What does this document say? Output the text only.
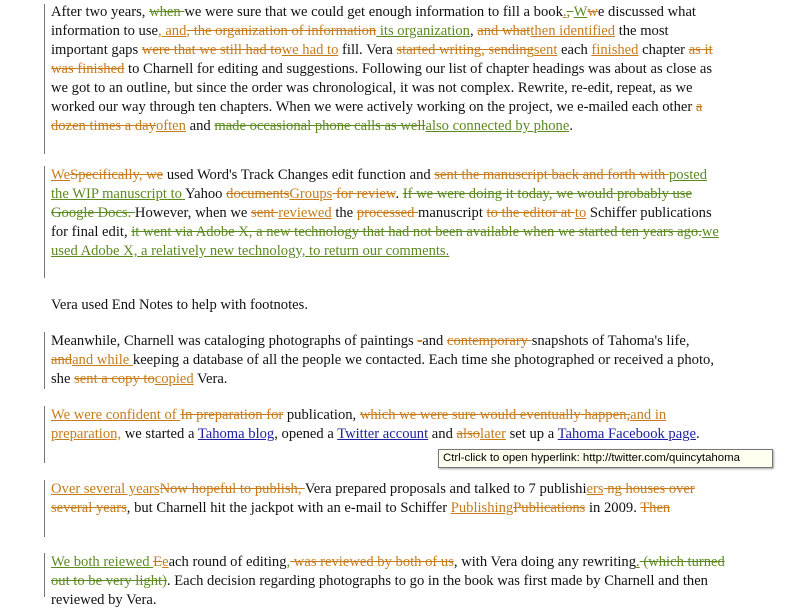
After two years, when we were sure that we could get enough information to fill a book., Wwe discussed what information to use, and, the organization of information its organization, and whatthen identified the most important gaps were that we still had towe had to fill. Vera started writing, sendingsent each finished chapter as it was finished to Charnell for editing and suggestions. Following our list of chapter headings was about as close as we got to an outline, but since the order was chronological, it was not complex. Rewrite, re-edit, repeat, as we worked our way through ten chapters. When we were actively working on the project, we e-mailed each other a dozen times a dayoften and made occasional phone calls as wellalso connected by phone.
WeSpecifically, we used Word's Track Changes edit function and sent the manuscript back and forth with posted the WIP manuscript to Yahoo documentsGroups for review. If we were doing it today, we would probably use Google Docs. However, when we sent reviewed the processed manuscript to the editor at to Schiffer publications for final edit, it went via Adobe X, a new technology that had not been available when we started ten years ago.we used Adobe X, a relatively new technology, to return our comments.
Vera used End Notes to help with footnotes.
Meanwhile, Charnell was cataloging photographs of paintings -and contemporary snapshots of Tahoma's life, andand while keeping a database of all the people we contacted. Each time she photographed or received a photo, she sent a copy tocopied Vera.
We were confident of In preparation for publication, which we were sure would eventually happen,and in preparation, we started a Tahoma blog, opened a Twitter account and alsolater set up a Tahoma Facebook page.
Over several yearsNow hopeful to publish, Vera prepared proposals and talked to 7 publishiers ng houses over several years, but Charnell hit the jackpot with an e-mail to Schiffer PublishingPublications in 2009. Then
We both reiewed Eeach round of editing, was reviewed by both of us, with Vera doing any rewriting. (which turned out to be very light). Each decision regarding photographs to go in the book was first made by Charnell and then reviewed by Vera.
Ctrl-click to open hyperlink: http://twitter.com/quincytahoma
